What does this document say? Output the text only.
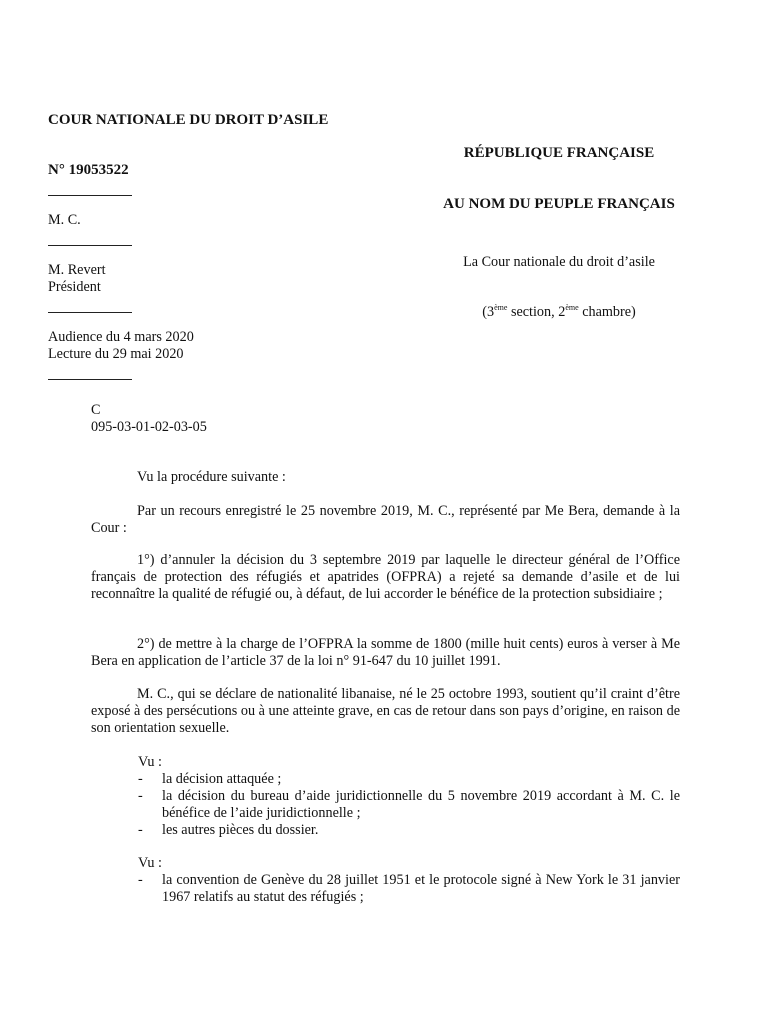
COUR NATIONALE DU DROIT D’ASILE
N° 19053522
M. C.
M. Revert
Président
Audience du 4 mars 2020
Lecture du 29 mai 2020
C
095-03-01-02-03-05
RÉPUBLIQUE FRANÇAISE
AU NOM DU PEUPLE FRANÇAIS
La Cour nationale du droit d’asile
(3ème section, 2ème chambre)
Vu la procédure suivante :
Par un recours enregistré le 25 novembre 2019, M. C., représenté par Me Bera, demande à la Cour :
1°) d’annuler la décision du 3 septembre 2019 par laquelle le directeur général de l’Office français de protection des réfugiés et apatrides (OFPRA) a rejeté sa demande d’asile et de lui reconnaître la qualité de réfugié ou, à défaut, de lui accorder le bénéfice de la protection subsidiaire ;
2°) de mettre à la charge de l’OFPRA la somme de 1800 (mille huit cents) euros à verser à Me Bera en application de l’article 37 de la loi n° 91-647 du 10 juillet 1991.
M. C., qui se déclare de nationalité libanaise, né le 25 octobre 1993, soutient qu’il craint d’être exposé à des persécutions ou à une atteinte grave, en cas de retour dans son pays d’origine, en raison de son orientation sexuelle.
Vu :
- la décision attaquée ;
- la décision du bureau d’aide juridictionnelle du 5 novembre 2019 accordant à M. C. le bénéfice de l’aide juridictionnelle ;
- les autres pièces du dossier.
Vu :
- la convention de Genève du 28 juillet 1951 et le protocole signé à New York le 31 janvier 1967 relatifs au statut des réfugiés ;
